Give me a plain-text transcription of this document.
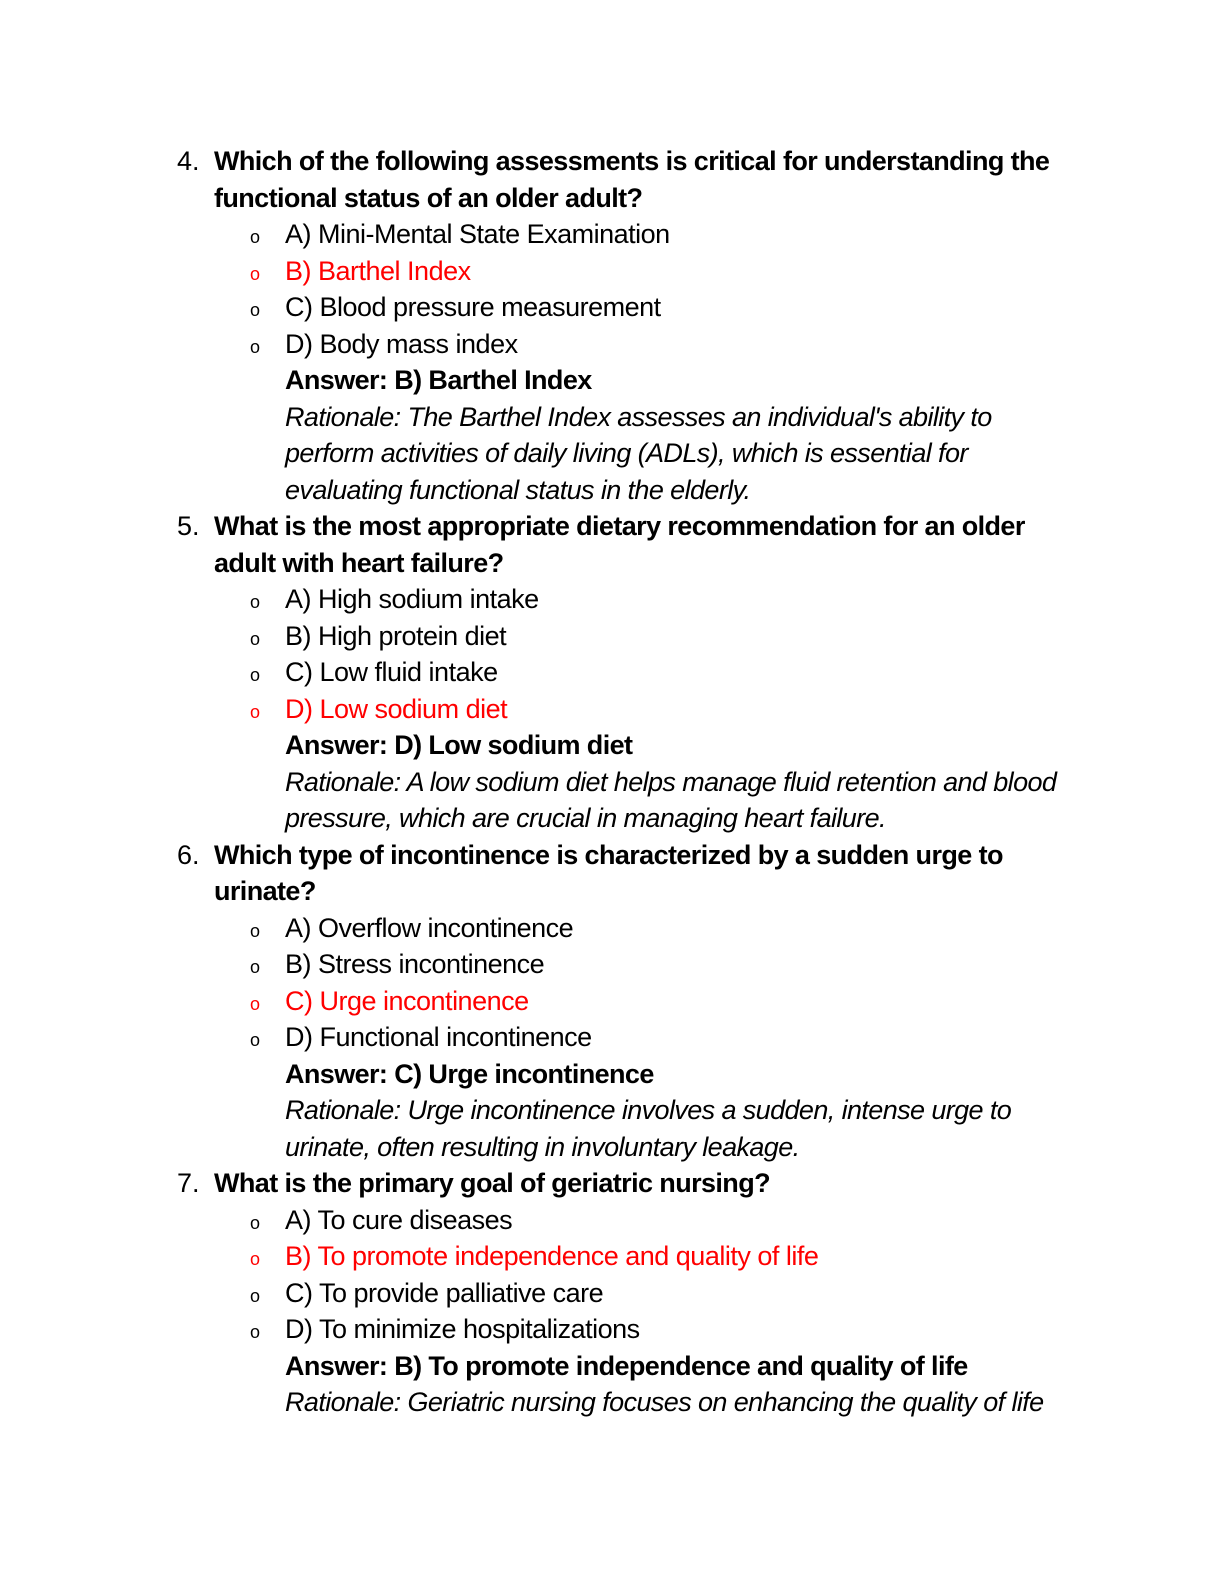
4. Which of the following assessments is critical for understanding the
functional status of an older adult?
o A) Mini-Mental State Examination
o B) Barthel Index
o C) Blood pressure measurement
o D) Body mass index
Answer: B) Barthel Index
Rationale: The Barthel Index assesses an individual's ability to
perform activities of daily living (ADLs), which is essential for
evaluating functional status in the elderly.
5. What is the most appropriate dietary recommendation for an older
adult with heart failure?
o A) High sodium intake
o B) High protein diet
o C) Low fluid intake
o D) Low sodium diet
Answer: D) Low sodium diet
Rationale: A low sodium diet helps manage fluid retention and blood
pressure, which are crucial in managing heart failure.
6. Which type of incontinence is characterized by a sudden urge to
urinate?
o A) Overflow incontinence
o B) Stress incontinence
o C) Urge incontinence
o D) Functional incontinence
Answer: C) Urge incontinence
Rationale: Urge incontinence involves a sudden, intense urge to
urinate, often resulting in involuntary leakage.
7. What is the primary goal of geriatric nursing?
o A) To cure diseases
o B) To promote independence and quality of life
o C) To provide palliative care
o D) To minimize hospitalizations
Answer: B) To promote independence and quality of life
Rationale: Geriatric nursing focuses on enhancing the quality of life
